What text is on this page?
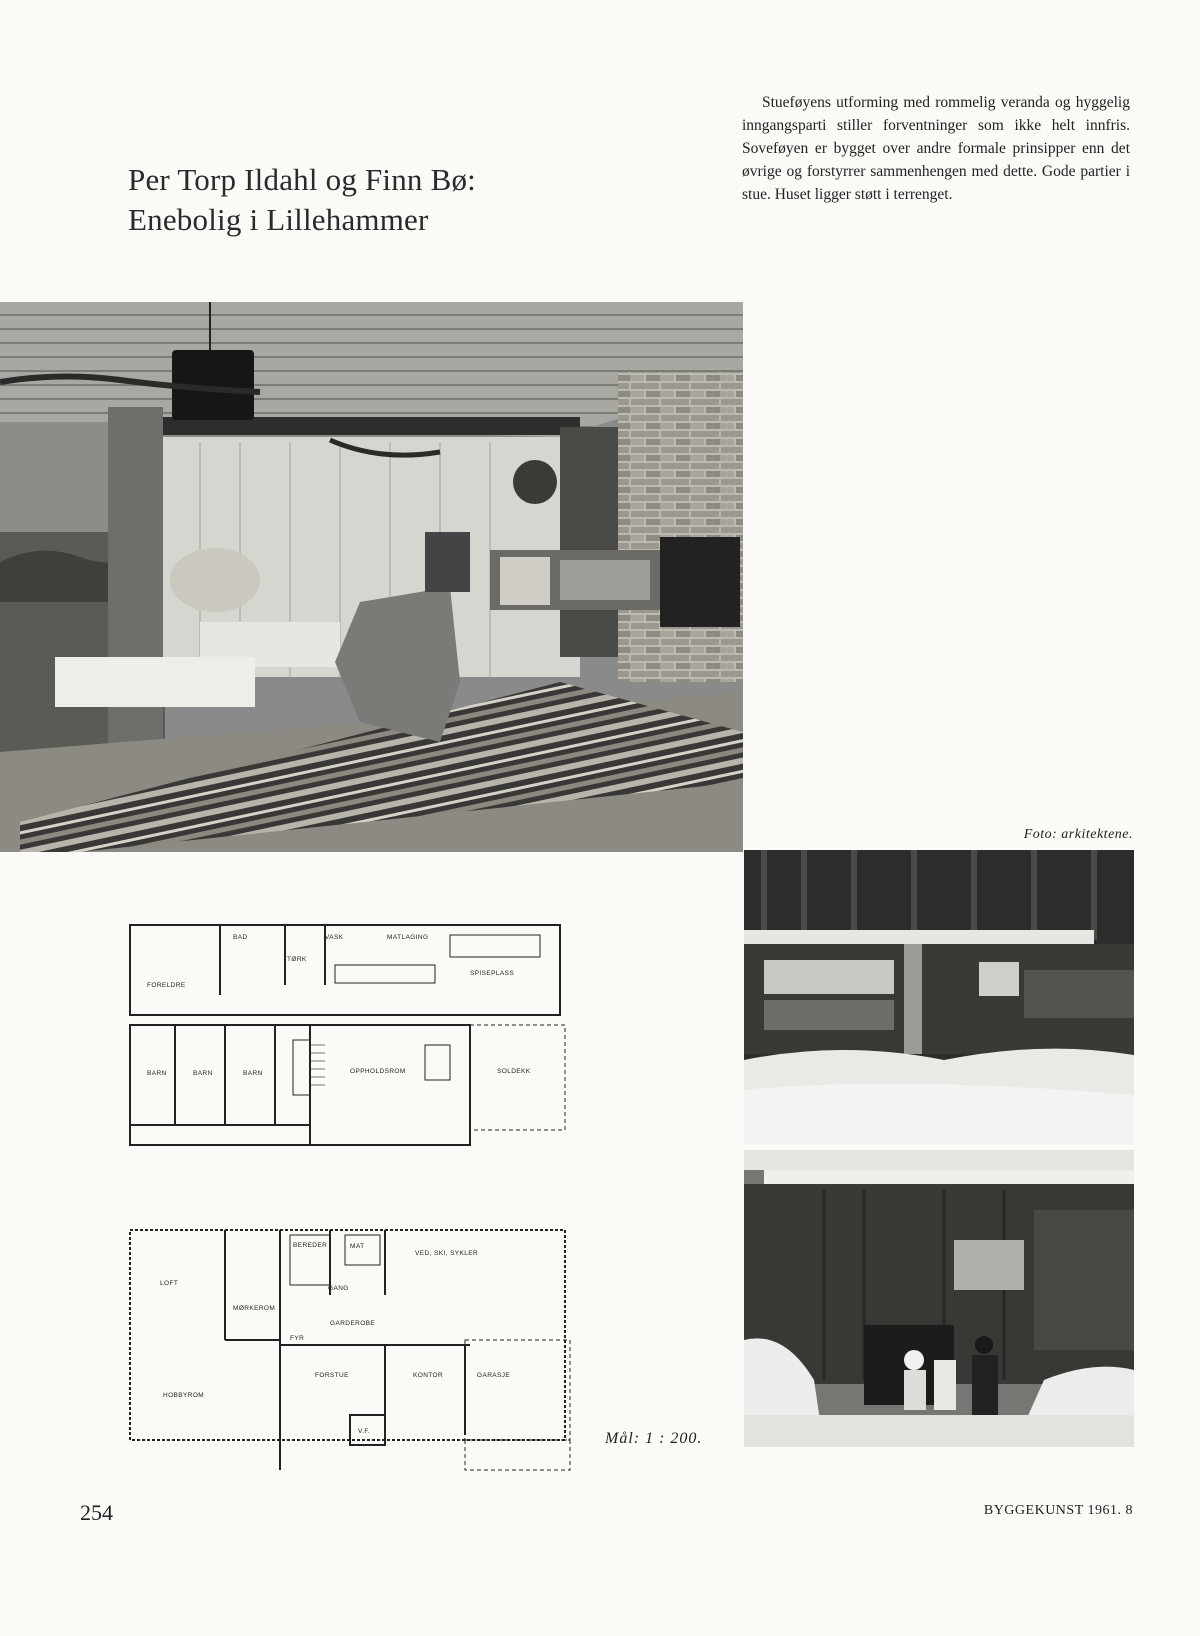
Per Torp Ildahl og Finn Bø:
Enebolig i Lillehammer
Stueføyens utforming med rommelig veranda og hyggelig inngangsparti stiller forventninger som ikke helt innfris. Soveføyen er bygget over andre formale prinsipper enn det øvrige og forstyrrer sammenhengen med dette. Gode partier i stue. Huset ligger støtt i terrenget.
Foto: arkitektene.
BAD	VASK	MATLAGING
TØRK
FORELDRE
SPISEPLASS
BARN	BARN	BARN	OPPHOLDSROM	SOLDEKK
BEREDER	MAT
VED, SKI, SYKLER
LOFT
GANG
MØRKEROM
GARDEROBE
FYR
FORSTUE	KONTOR	GARASJE
HOBBYROM
V.F.	Mål: 1 : 200.
254	BYGGEKUNST 1961. 8
